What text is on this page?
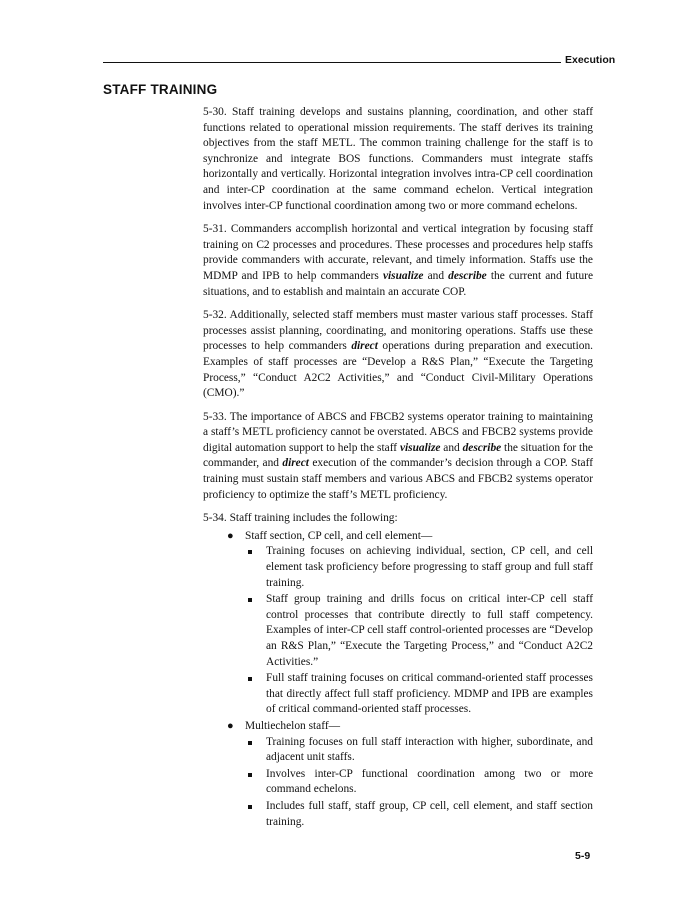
Execution
STAFF TRAINING

5-30. Staff training develops and sustains planning, coordination, and other staff functions related to operational mission requirements. The staff derives its training objectives from the staff METL. The common training challenge for the staff is to synchronize and integrate BOS functions. Commanders must integrate staffs horizontally and vertically. Horizontal integration involves intra-CP cell coordination and inter-CP coordination at the same command echelon. Vertical integration involves inter-CP functional coordination among two or more command echelons.

5-31. Commanders accomplish horizontal and vertical integration by focusing staff training on C2 processes and procedures. These processes and procedures help staffs provide commanders with accurate, relevant, and timely information. Staffs use the MDMP and IPB to help commanders visualize and describe the current and future situations, and to establish and maintain an accurate COP.

5-32. Additionally, selected staff members must master various staff processes. Staff processes assist planning, coordinating, and monitoring operations. Staffs use these processes to help commanders direct operations during preparation and execution. Examples of staff processes are “Develop a R&S Plan,” “Execute the Targeting Process,” “Conduct A2C2 Activities,” and “Conduct Civil-Military Operations (CMO).”

5-33. The importance of ABCS and FBCB2 systems operator training to maintaining a staff’s METL proficiency cannot be overstated. ABCS and FBCB2 systems provide digital automation support to help the staff visualize and describe the situation for the commander, and direct execution of the commander’s decision through a COP. Staff training must sustain staff members and various ABCS and FBCB2 systems operator proficiency to optimize the staff’s METL proficiency.

5-34. Staff training includes the following:

● Staff section, CP cell, and cell element—
Training focuses on achieving individual, section, CP cell, and cell element task proficiency before progressing to staff group and full staff training.
Staff group training and drills focus on critical inter-CP cell staff control processes that contribute directly to full staff competency. Examples of inter-CP cell staff control-oriented processes are “Develop an R&S Plan,” “Execute the Targeting Process,” and “Conduct A2C2 Activities.”
Full staff training focuses on critical command-oriented staff processes that directly affect full staff proficiency. MDMP and IPB are examples of critical command-oriented staff processes.
● Multiechelon staff—
Training focuses on full staff interaction with higher, subordinate, and adjacent unit staffs.
Involves inter-CP functional coordination among two or more command echelons.
Includes full staff, staff group, CP cell, cell element, and staff section training.
5-9
